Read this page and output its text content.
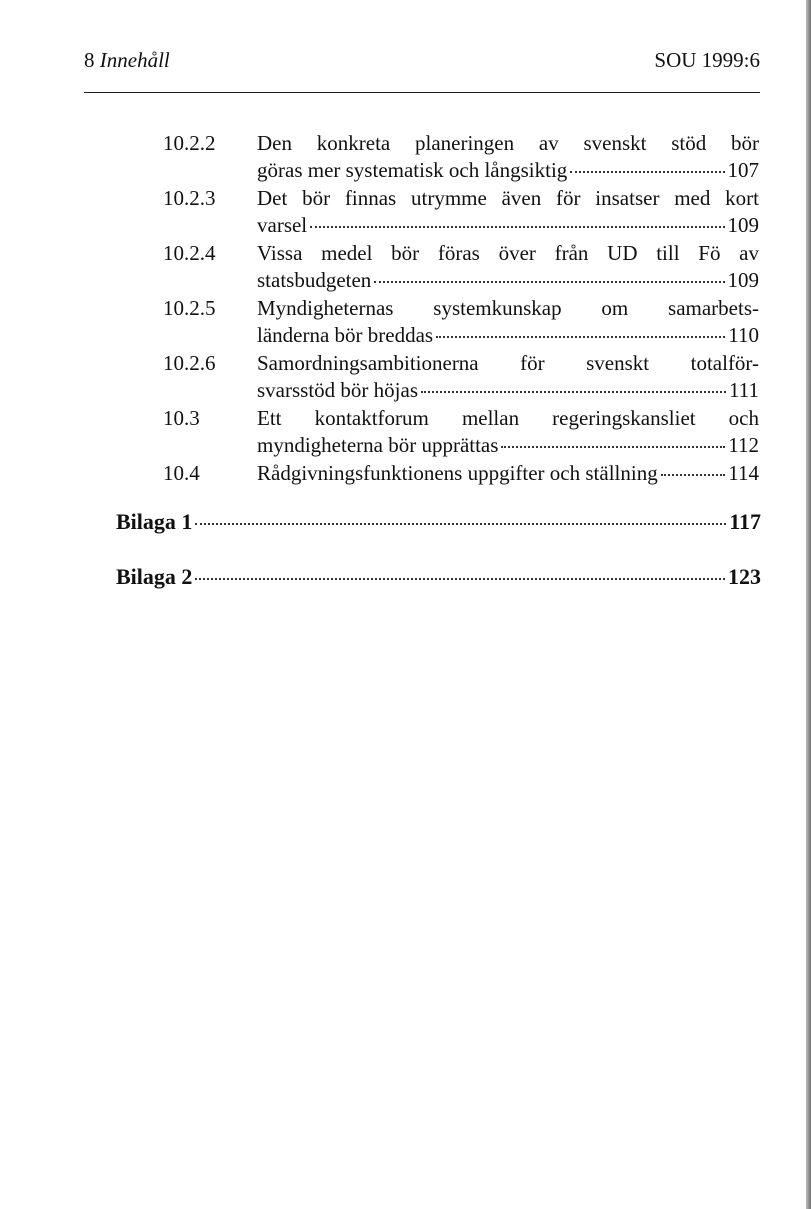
8 Innehåll	SOU 1999:6
10.2.2 Den konkreta planeringen av svenskt stöd bör
göras mer systematisk och långsiktig	107
10.2.3 Det bör finnas utrymme även för insatser med kort
varsel	109
10.2.4 Vissa medel bör föras över från UD till Fö av
statsbudgeten	109
10.2.5 Myndigheternas systemkunskap om samarbets-
länderna bör breddas	110
10.2.6 Samordningsambitionerna för svenskt totalför-
svarsstöd bör höjas	111
10.3	Ett kontaktforum mellan regeringskansliet och
myndigheterna bör upprättas	112
10.4	Rådgivningsfunktionens uppgifter och ställning	114
Bilaga 1	117
Bilaga 2	123
